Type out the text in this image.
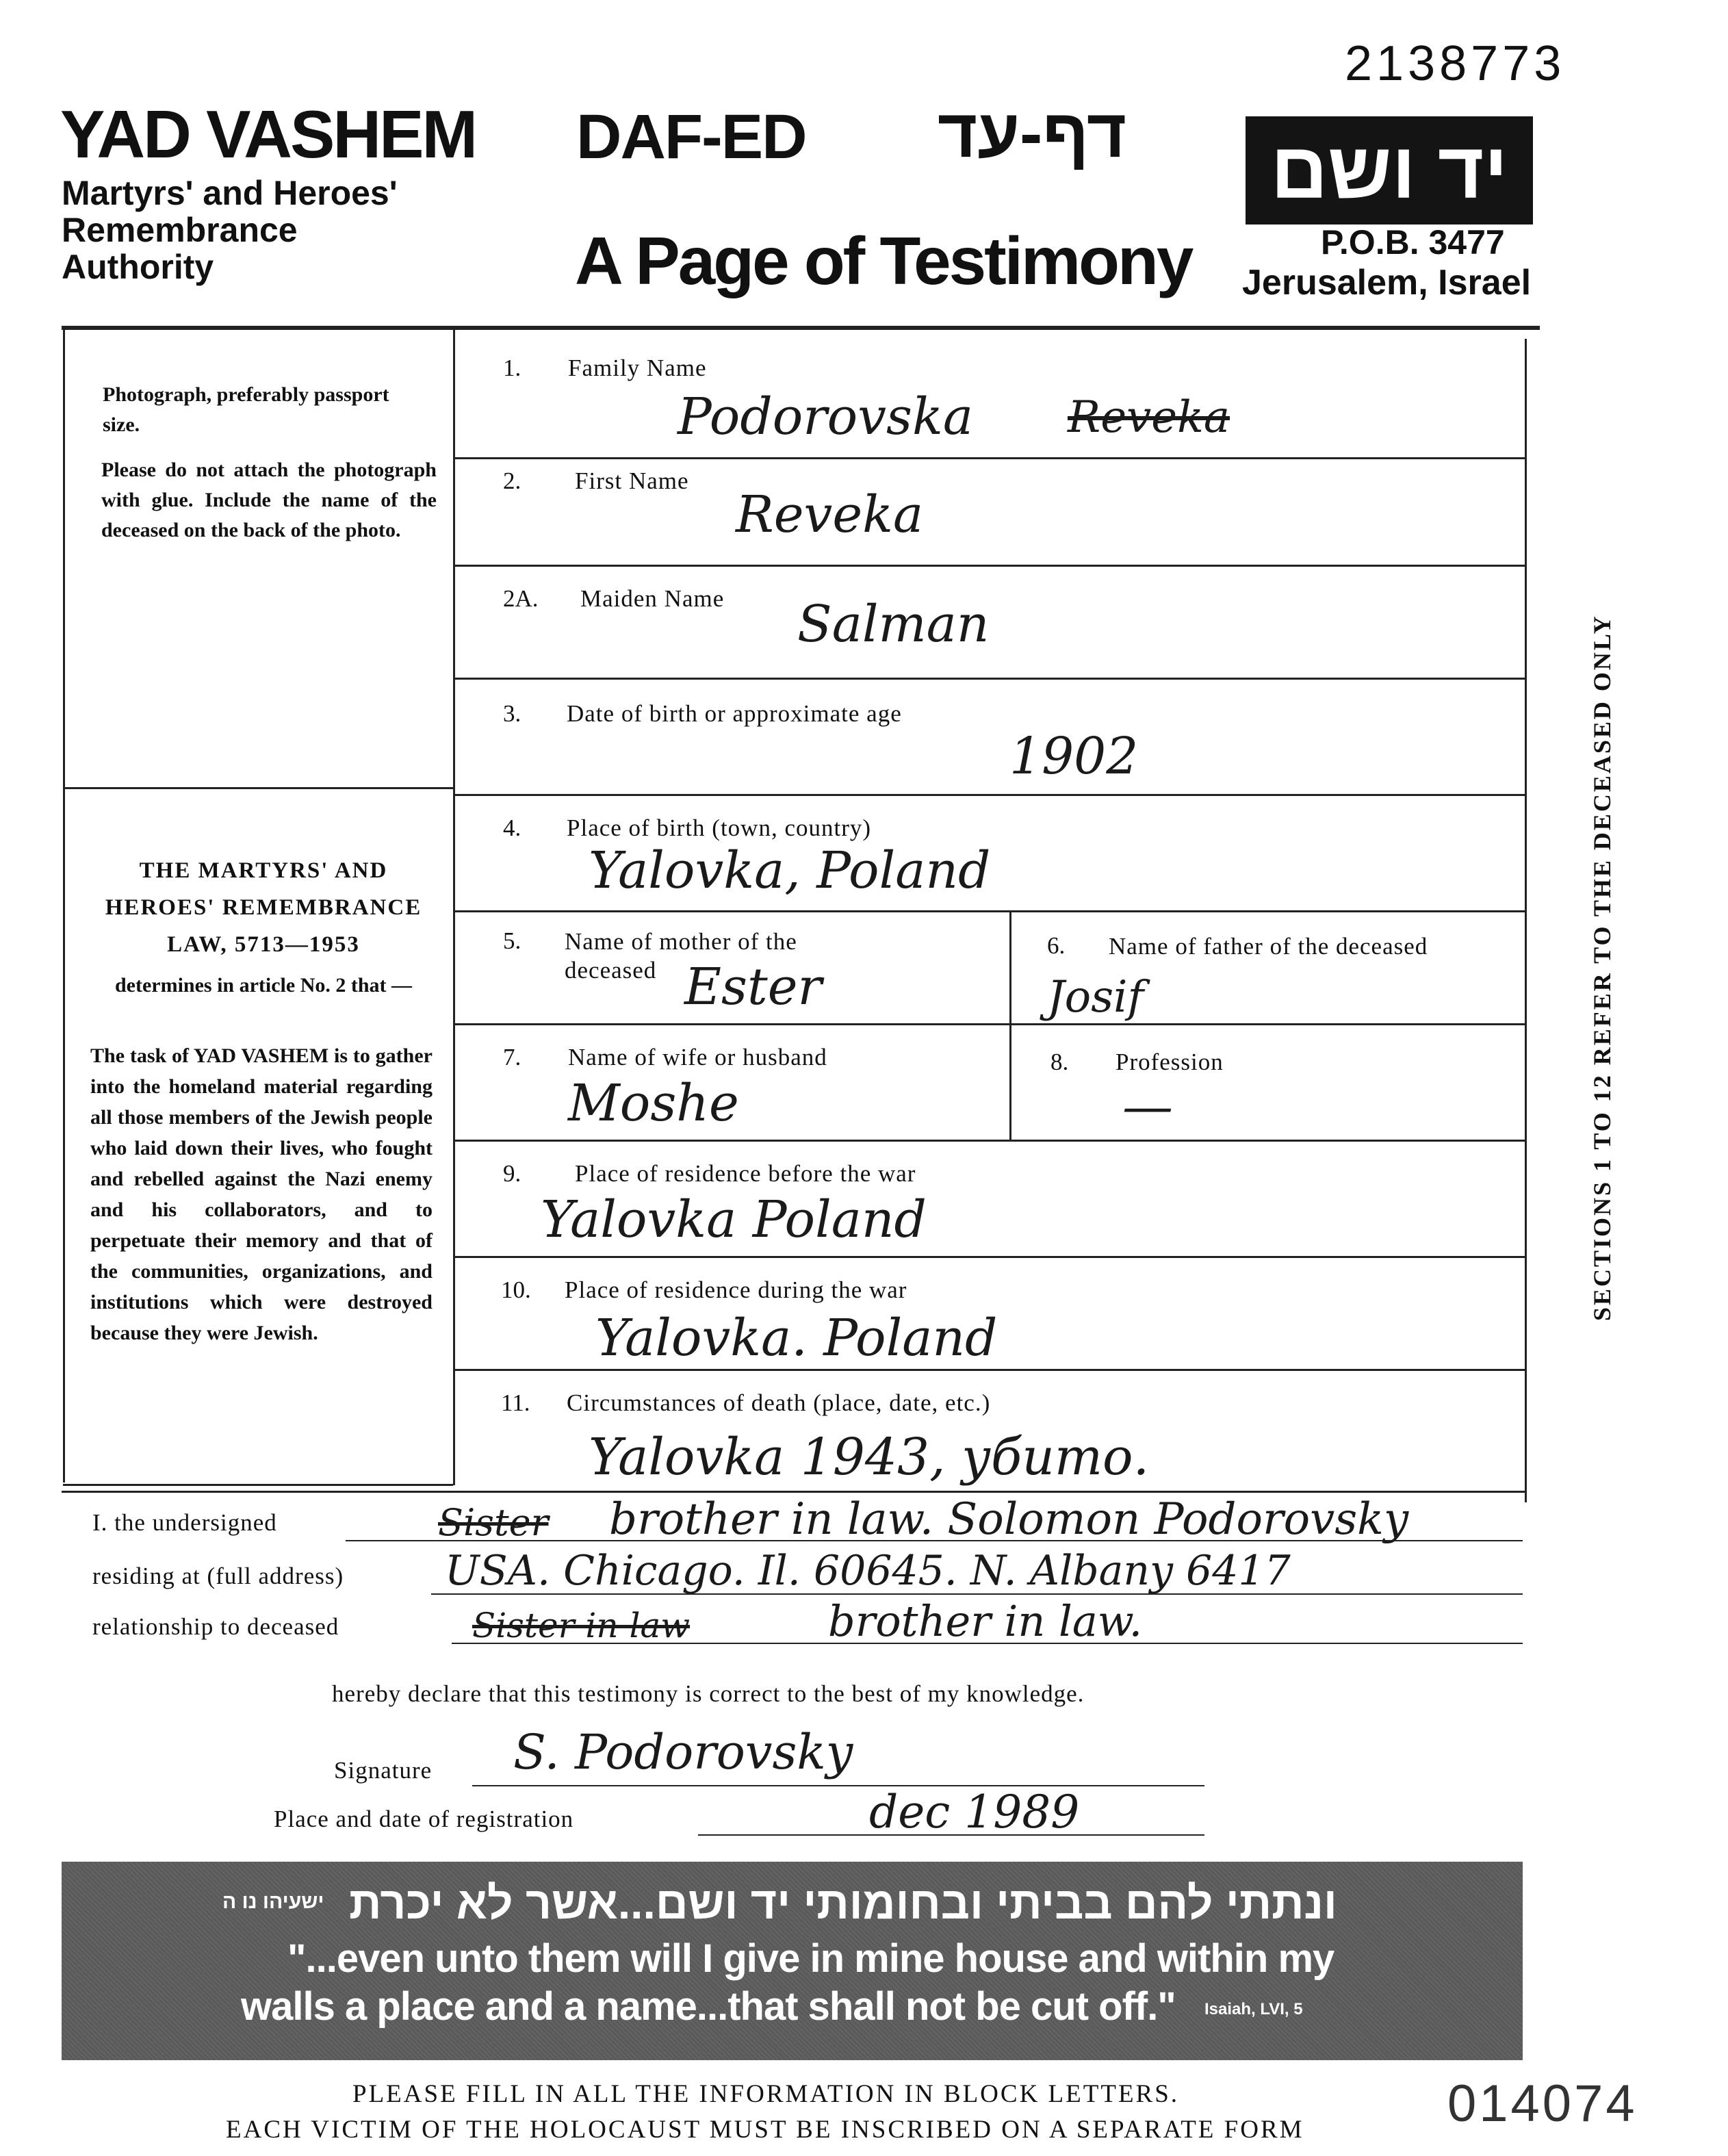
2138773
YAD VASHEM
Martyrs' and Heroes'
Remembrance
Authority
DAF-ED דף-עד
A Page of Testimony
יד ושם
P.O.B. 3477
Jerusalem, Israel
Photograph, preferably passport size.
Please do not attach the photograph with glue. Include the name of the deceased on the back of the photo.
THE MARTYRS' AND HEROES' REMEMBRANCE LAW, 5713—1953
determines in article No. 2 that —
The task of YAD VASHEM is to gather into the homeland material regarding all those members of the Jewish people who laid down their lives, who fought and rebelled against the Nazi enemy and his collaborators, and to perpetuate their memory and that of the communities, organizations, and institutions which were destroyed because they were Jewish.
SECTIONS 1 TO 12 REFER TO THE DECEASED ONLY
1. Family Name
Podorovska Reveka
2. First Name
Reveka
2A. Maiden Name Salman
3. Date of birth or approximate age
1902
4. Place of birth (town, country)
Yalovka, Poland
5. Name of mother of the deceased Ester
6. Name of father of the deceased
Josif
7. Name of wife or husband
Moshe
8. Profession
—
9. Place of residence before the war
Yalovka Poland
10. Place of residence during the war
Yalovka. Poland
11. Circumstances of death (place, date, etc.)
Yalovka 1943, убито.
I. the undersigned	Sister brother in law. Solomon Podorovsky
residing at (full address) USA. Chicago. Il. 60645. N. Albany 6417
relationship to deceased	Sister in law	brother in law.
hereby declare that this testimony is correct to the best of my knowledge.
Signature S. Podorovsky
Place and date of registration	dec 1989
ישעיהו נו ה ונתתי להם בביתי ובחומותי יד ושם...אשר לא יכרת
"...even unto them will I give in mine house and within my
walls a place and a name...that shall not be cut off." Isaiah, LVI, 5
PLEASE FILL IN ALL THE INFORMATION IN BLOCK LETTERS.
EACH VICTIM OF THE HOLOCAUST MUST BE INSCRIBED ON A SEPARATE FORM	014074
